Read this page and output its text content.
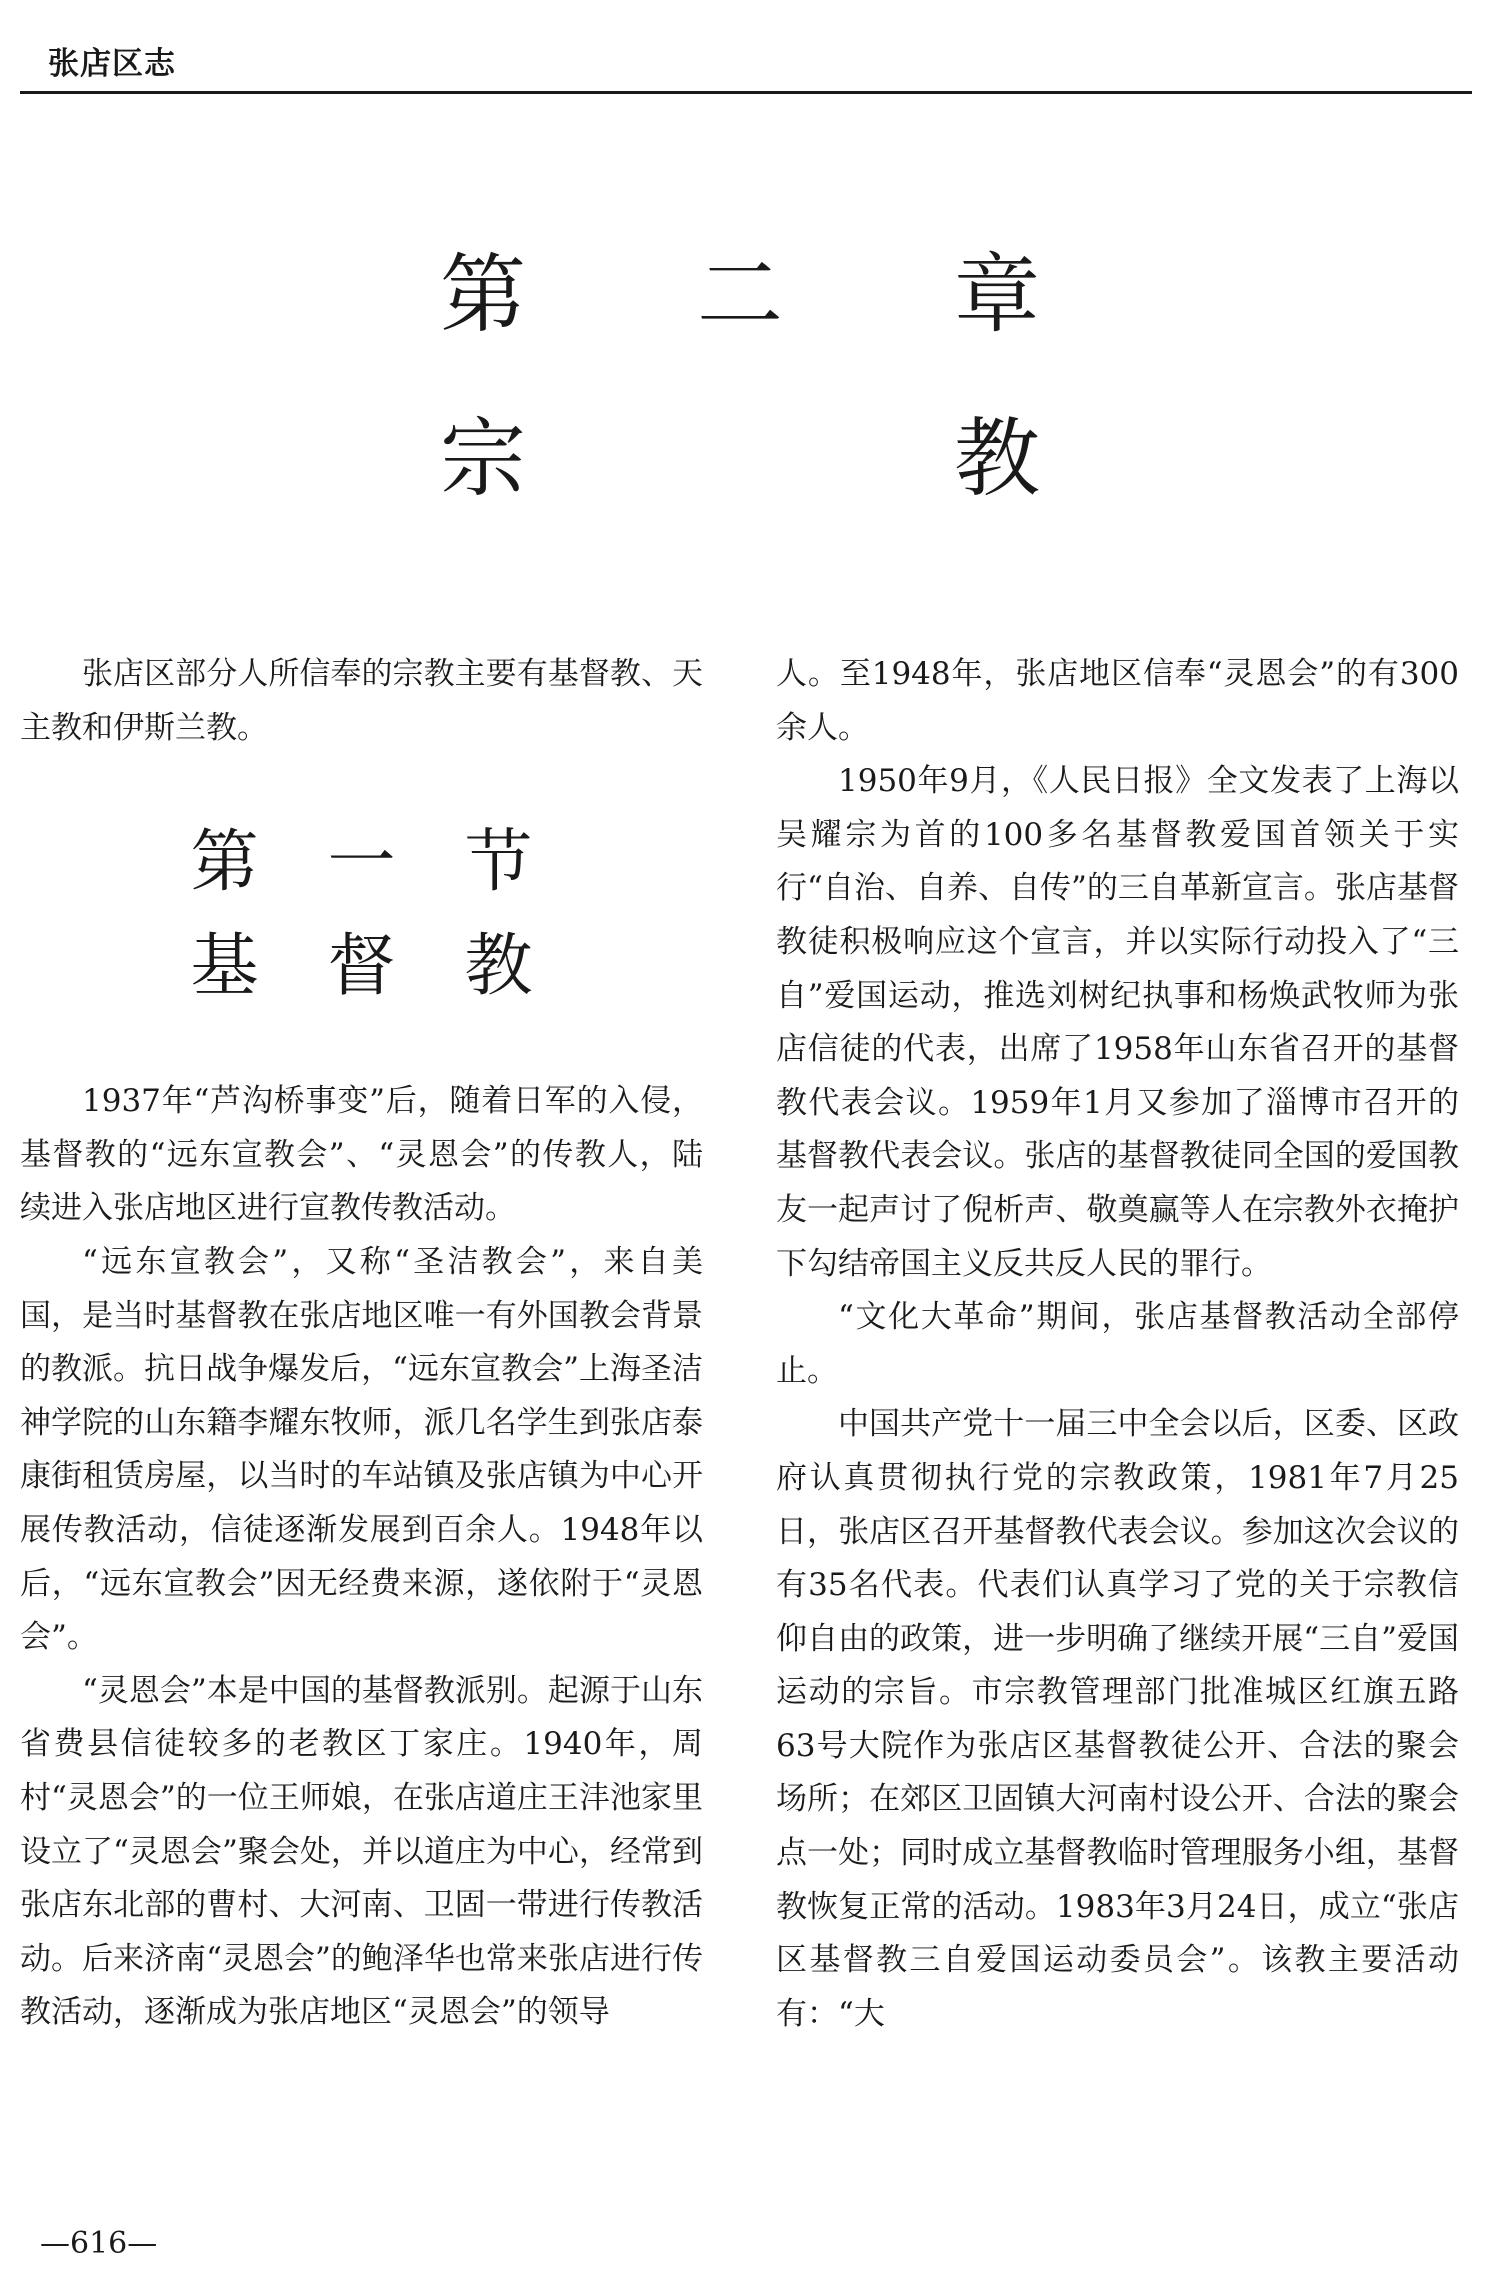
张店区志
第 二 章
宗	教

张店区部分人所信奉的宗教主要有基督教、天主教和伊斯兰教。

第 一 节
基 督 教

1937年“芦沟桥事变”后，随着日军的入侵，基督教的“远东宣教会”、“灵恩会”的传教人，陆续进入张店地区进行宣教传教活动。

“远东宣教会”，又称“圣洁教会”，来自美国，是当时基督教在张店地区唯一有外国教会背景的教派。抗日战争爆发后，“远东宣教会”上海圣洁神学院的山东籍李耀东牧师，派几名学生到张店泰康街租赁房屋，以当时的车站镇及张店镇为中心开展传教活动，信徒逐渐发展到百余人。1948年以后，“远东宣教会”因无经费来源，遂依附于“灵恩会”。

“灵恩会”本是中国的基督教派别。起源于山东省费县信徒较多的老教区丁家庄。1940年，周村“灵恩会”的一位王师娘，在张店道庄王沣池家里设立了“灵恩会”聚会处，并以道庄为中心，经常到张店东北部的曹村、大河南、卫固一带进行传教活动。后来济南“灵恩会”的鲍泽华也常来张店进行传教活动，逐渐成为张店地区“灵恩会”的领导

人。至1948年，张店地区信奉“灵恩会”的有300余人。

1950年9月，《人民日报》全文发表了上海以吴耀宗为首的100多名基督教爱国首领关于实行“自治、自养、自传”的三自革新宣言。张店基督教徒积极响应这个宣言，并以实际行动投入了“三自”爱国运动，推选刘树纪执事和杨焕武牧师为张店信徒的代表，出席了1958年山东省召开的基督教代表会议。1959年1月又参加了淄博市召开的基督教代表会议。张店的基督教徒同全国的爱国教友一起声讨了倪析声、敬奠赢等人在宗教外衣掩护下勾结帝国主义反共反人民的罪行。

“文化大革命”期间，张店基督教活动全部停止。

中国共产党十一届三中全会以后，区委、区政府认真贯彻执行党的宗教政策，1981年7月25日，张店区召开基督教代表会议。参加这次会议的有35名代表。代表们认真学习了党的关于宗教信仰自由的政策，进一步明确了继续开展“三自”爱国运动的宗旨。市宗教管理部门批准城区红旗五路63号大院作为张店区基督教徒公开、合法的聚会场所；在郊区卫固镇大河南村设公开、合法的聚会点一处；同时成立基督教临时管理服务小组，基督教恢复正常的活动。1983年3月24日，成立“张店区基督教三自爱国运动委员会”。该教主要活动有：“大

—616—
